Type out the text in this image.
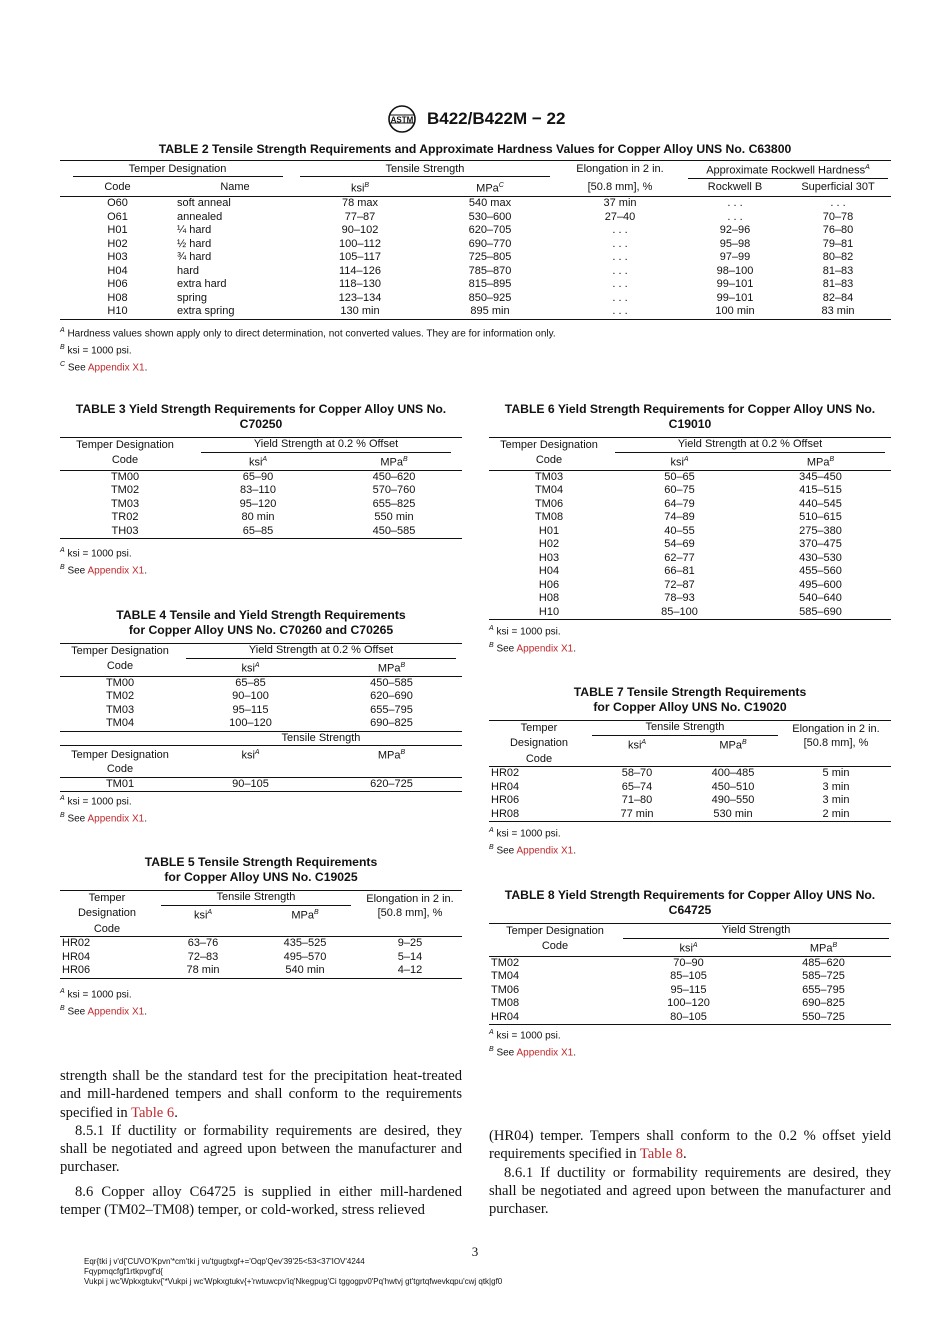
ASTM B422/B422M − 22
TABLE 2 Tensile Strength Requirements and Approximate Hardness Values for Copper Alloy UNS No. C63800
Temper Designation		Tensile Strength		Elongation in 2 in.	Approximate Rockwell Hardness$^A$
Code	Name	ksi$^B$	MPa$^C$	[50.8 mm], %	Rockwell B	Superficial 30T
O60	soft anneal	78 max	540 max	37 min	. . .	. . .
O61	annealed	77–87	530–600	27–40	. . .	70–78
H01	¼ hard	90–102	620–705	. . .	92–96	76–80
H02	½ hard	100–112	690–770	. . .	95–98	79–81
H03	¾ hard	105–117	725–805	. . .	97–99	80–82
H04	hard	114–126	785–870	. . .	98–100	81–83
H06	extra hard	118–130	815–895	. . .	99–101	81–83
H08	spring	123–134	850–925	. . .	99–101	82–84
H10	extra spring	130 min	895 min	. . .	100 min	83 min
$^A$ Hardness values shown apply only to direct determination, not converted values. They are for information only.
$^B$ ksi = 1000 psi.
$^C$ See Appendix X1.
TABLE 3 Yield Strength Requirements for Copper Alloy UNS No. C70250
Temper Designation	Yield Strength at 0.2 % Offset	
Code	ksi$^A$	MPa$^B$
TM00	65–90	450–620
TM02	83–110	570–760
TM03	95–120	655–825
TR02	80 min	550 min
TH03	65–85	450–585
$^A$ ksi = 1000 psi.
$^B$ See Appendix X1.
TABLE 4 Tensile and Yield Strength Requirements
for Copper Alloy UNS No. C70260 and C70265
Temper Designation	Yield Strength at 0.2 % Offset	
Code	ksi$^A$	MPa$^B$
TM00	65–85	450–585
TM02	90–100	620–690
TM03	95–115	655–795
TM04	100–120	690–825
	Tensile Strength	
Temper Designation	ksi$^A$	MPa$^B$
Code		
TM01	90–105	620–725
$^A$ ksi = 1000 psi.
$^B$ See Appendix X1.
TABLE 5 Tensile Strength Requirements
for Copper Alloy UNS No. C19025
Temper	Tensile Strength		Elongation in 2 in.
[50.8 mm], %

Designation	ksi$^A$	MPa$^B$
Code			
HR02	63–76	435–525	9–25
HR04	72–83	495–570	5–14
HR06	78 min	540 min	4–12
$^A$ ksi = 1000 psi.
$^B$ See Appendix X1.
TABLE 6 Yield Strength Requirements for Copper Alloy UNS No. C19010
Temper Designation	Yield Strength at 0.2 % Offset	
Code	ksi$^A$	MPa$^B$
TM03	50–65	345–450
TM04	60–75	415–515
TM06	64–79	440–545
TM08	74–89	510–615
H01	40–55	275–380
H02	54–69	370–475
H03	62–77	430–530
H04	66–81	455–560
H06	72–87	495–600
H08	78–93	540–640
H10	85–100	585–690
$^A$ ksi = 1000 psi.
$^B$ See Appendix X1.
TABLE 7 Tensile Strength Requirements
for Copper Alloy UNS No. C19020
Temper	Tensile Strength		Elongation in 2 in.
[50.8 mm], %

Designation	ksi$^A$	MPa$^B$
Code			
HR02	58–70	400–485	5 min
HR04	65–74	450–510	3 min
HR06	71–80	490–550	3 min
HR08	77 min	530 min	2 min
$^A$ ksi = 1000 psi.
$^B$ See Appendix X1.
TABLE 8 Yield Strength Requirements for Copper Alloy UNS No. C64725
Temper Designation	Yield Strength	
Code	ksi$^A$	MPa$^B$
TM02	70–90	485–620
TM04	85–105	585–725
TM06	95–115	655–795
TM08	100–120	690–825
HR04	80–105	550–725
$^A$ ksi = 1000 psi.
$^B$ See Appendix X1.

strength shall be the standard test for the precipitation heat-treated and mill-hardened tempers and shall conform to the requirements specified in Table 6.

8.5.1 If ductility or formability requirements are desired, they shall be negotiated and agreed upon between the manufacturer and purchaser.

8.6 Copper alloy C64725 is supplied in either mill-hardened temper (TM02–TM08) temper, or cold-worked, stress relieved

(HR04) temper. Tempers shall conform to the 0.2 % offset yield requirements specified in Table 8.

8.6.1 If ductility or formability requirements are desired, they shall be negotiated and agreed upon between the manufacturer and purchaser.

3
Eqr{tki j v'd{'CUVO'Kpvn'*cm'tki j vu'tgugtxgf+='Oqp'Qev'39'25<53<37'IOV'4244
Fqypmqcfgf1rtkpvgf'd{
Vukpi j wc'Wpkxgtukv{'*Vukpi j wc'Wpkxgtukv{+'rwtuwcpv'iq'Nkegpug'Ci tggogpv0'Pq'hwtvj gt'tgrtqfwevkqpu'cwj qtk|gf0
